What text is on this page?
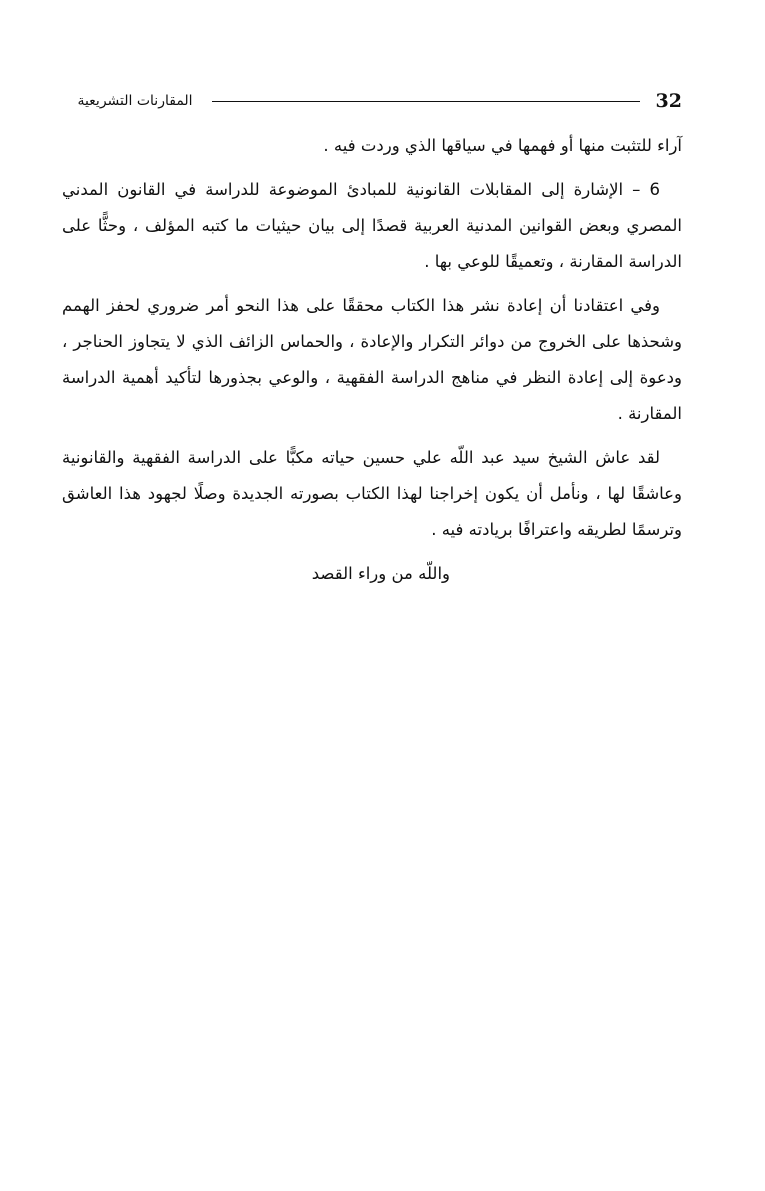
32
المقارنات التشريعية

آراء للتثبت منها أو فهمها في سياقها الذي وردت فيه .

6 – الإشارة إلى المقابلات القانونية للمبادئ الموضوعة للدراسة في القانون المدني المصري وبعض القوانين المدنية العربية قصدًا إلى بيان حيثيات ما كتبه المؤلف ، وحثًّا على الدراسة المقارنة ، وتعميقًا للوعي بها .

وفي اعتقادنا أن إعادة نشر هذا الكتاب محققًا على هذا النحو أمر ضروري لحفز الهمم وشحذها على الخروج من دوائر التكرار والإعادة ، والحماس الزائف الذي لا يتجاوز الحناجر ، ودعوة إلى إعادة النظر في مناهج الدراسة الفقهية ، والوعي بجذورها لتأكيد أهمية الدراسة المقارنة .

لقد عاش الشيخ سيد عبد اللّه علي حسين حياته مكبًّا على الدراسة الفقهية والقانونية وعاشقًا لها ، ونأمل أن يكون إخراجنا لهذا الكتاب بصورته الجديدة وصلًا لجهود هذا العاشق وترسمًا لطريقه واعترافًا بريادته فيه .

واللّه من وراء القصد
